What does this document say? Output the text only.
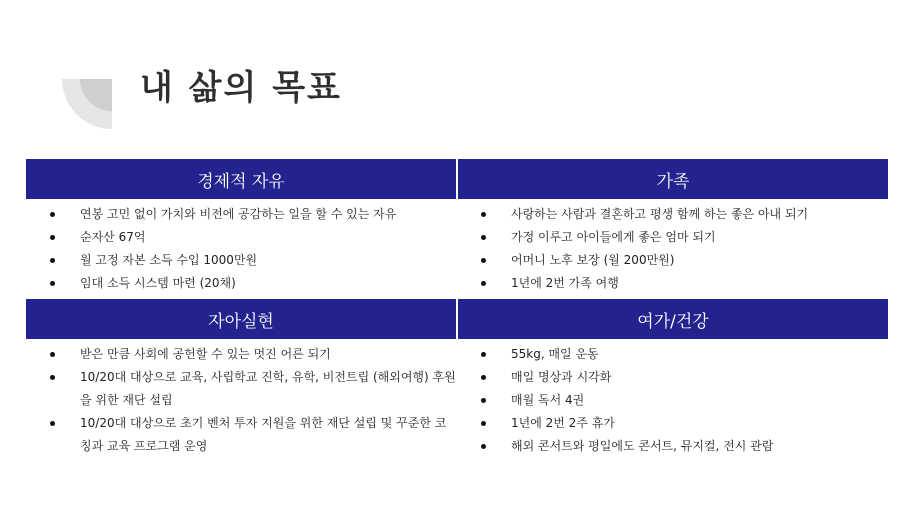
내 삶의 목표
경제적 자유	가족
연봉 고민 없이 가치와 비전에 공감하는 일을 할 수 있는 자유
순자산 67억
월 고정 자본 소득 수입 1000만원
임대 소득 시스템 마련 (20채)
사랑하는 사람과 결혼하고 평생 함께 하는 좋은 아내 되기
가정 이루고 아이들에게 좋은 엄마 되기
어머니 노후 보장 (월 200만원)
1년에 2번 가족 여행
자아실현	여가/건강
받은 만큼 사회에 공헌할 수 있는 멋진 어른 되기
10/20대 대상으로 교육, 사립학교 진학, 유학, 비전트립 (해외여행) 후원을 위한 재단 설립
10/20대 대상으로 초기 벤처 투자 지원을 위한 재단 설립 및 꾸준한 코칭과 교육 프로그램 운영
55kg, 매일 운동
매일 명상과 시각화
매월 독서 4권
1년에 2번 2주 휴가
해외 콘서트와 평일에도 콘서트, 뮤지컬, 전시 관람
